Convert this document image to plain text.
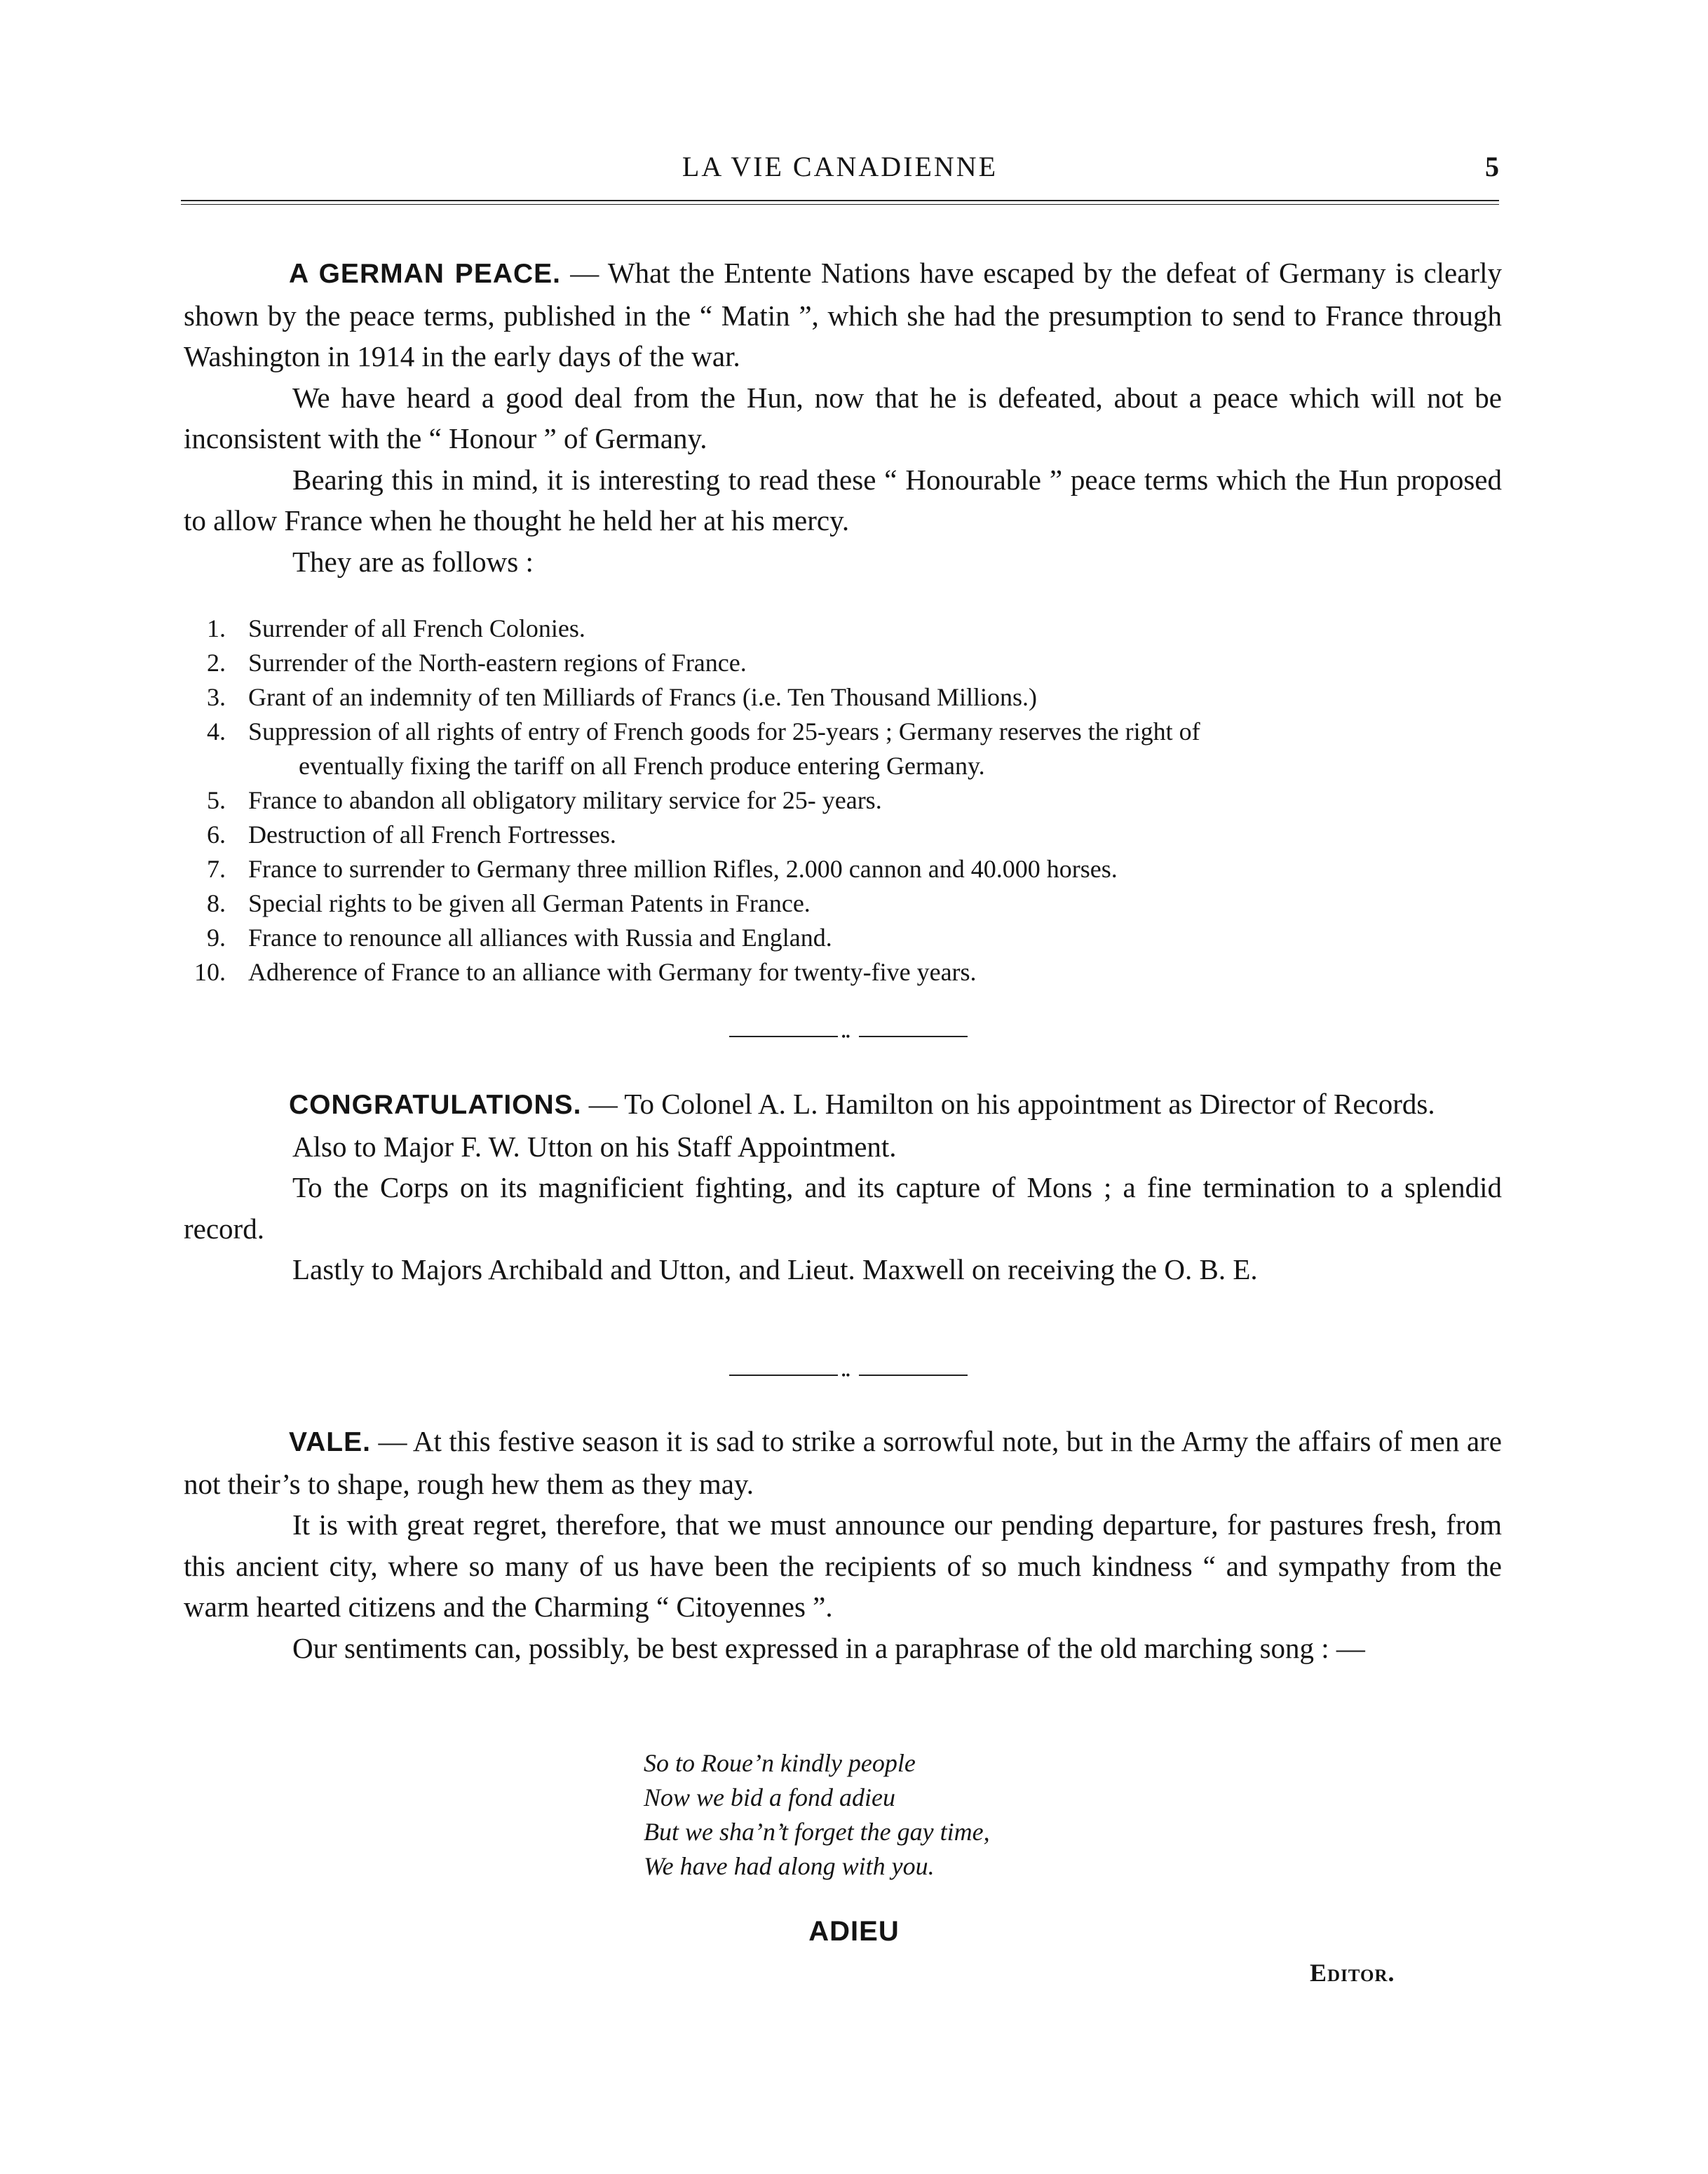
LA VIE CANADIENNE	5

A GERMAN PEACE. — What the Entente Nations have escaped by the defeat of Germany is clearly shown by the peace terms, published in the “ Matin ”, which she had the presumption to send to France through Washington in 1914 in the early days of the war.

We have heard a good deal from the Hun, now that he is defeated, about a peace which will not be inconsistent with the “ Honour ” of Germany.

Bearing this in mind, it is interesting to read these “ Honourable ” peace terms which the Hun proposed to allow France when he thought he held her at his mercy.

They are as follows :

1. Surrender of all French Colonies.
2. Surrender of the North-eastern regions of France.
3. Grant of an indemnity of ten Milliards of Francs (i.e. Ten Thousand Millions.)
4. Suppression of all rights of entry of French goods for 25-years ; Germany reserves the right of
eventually fixing the tariff on all French produce entering Germany.
5. France to abandon all obligatory military service for 25- years.
6. Destruction of all French Fortresses.
7. France to surrender to Germany three million Rifles, 2.000 cannon and 40.000 horses.
8. Special rights to be given all German Patents in France.
9. France to renounce all alliances with Russia and England.
10. Adherence of France to an alliance with Germany for twenty-five years.
••

CONGRATULATIONS. — To Colonel A. L. Hamilton on his appointment as Director of Records.

Also to Major F. W. Utton on his Staff Appointment.

To the Corps on its magnificient fighting, and its capture of Mons ; a fine termination to a splendid record.

Lastly to Majors Archibald and Utton, and Lieut. Maxwell on receiving the O. B. E.

••

VALE. — At this festive season it is sad to strike a sorrowful note, but in the Army the affairs of men are not their’s to shape, rough hew them as they may.

It is with great regret, therefore, that we must announce our pending departure, for pastures fresh, from this ancient city, where so many of us have been the recipients of so much kindness “ and sympathy from the warm hearted citizens and the Charming “ Citoyennes ”.

Our sentiments can, possibly, be best expressed in a paraphrase of the old marching song : —

So to Roue’n kindly people
Now we bid a fond adieu
But we sha’n’t forget the gay time,
We have had along with you.
ADIEU
Editor.
